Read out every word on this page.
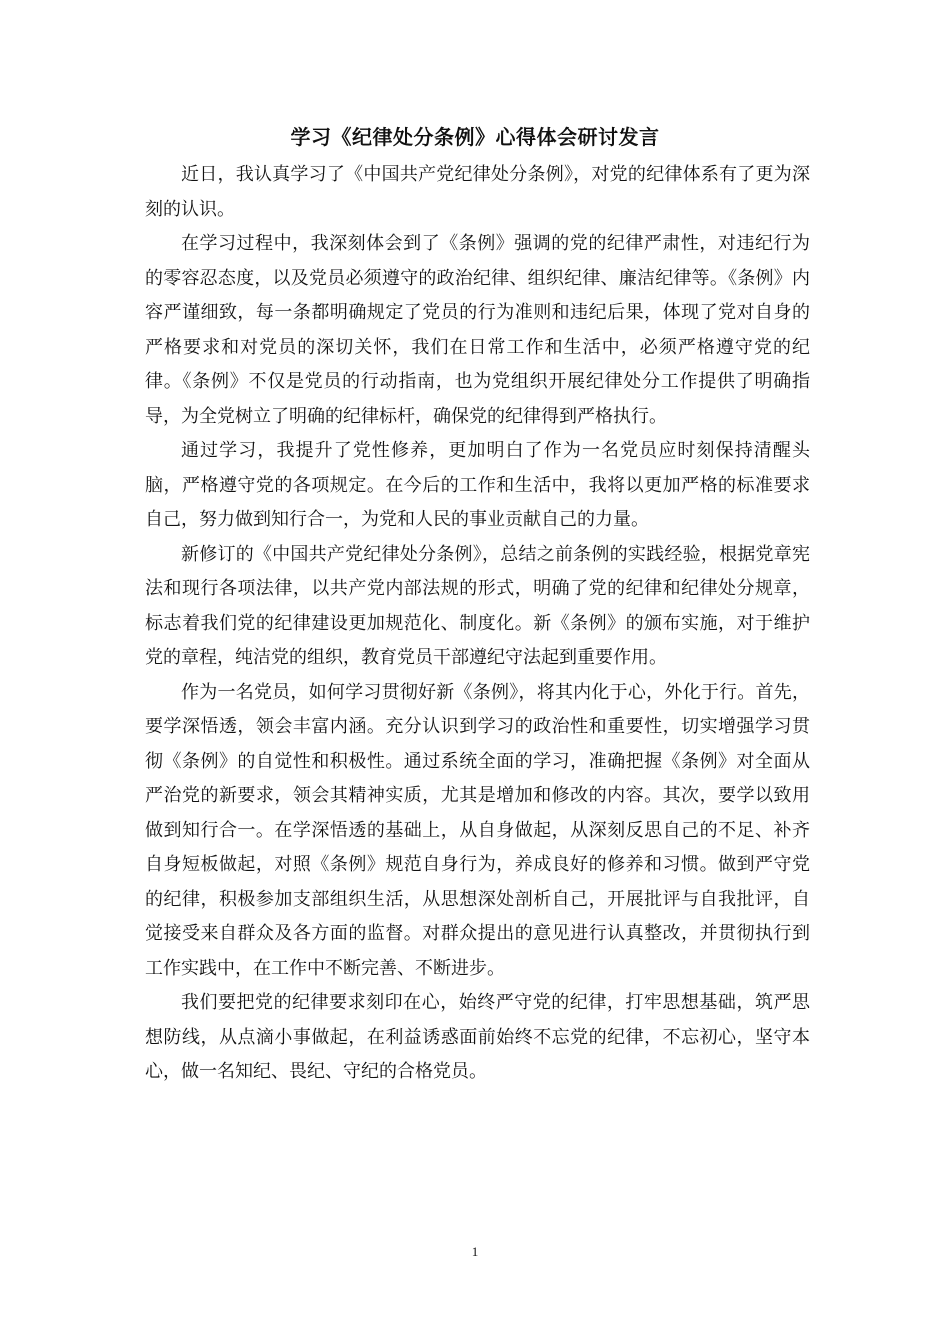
学习《纪律处分条例》心得体会研讨发言

近日，我认真学习了《中国共产党纪律处分条例》，对党的纪律体系有了更为深刻的认识。

在学习过程中，我深刻体会到了《条例》强调的党的纪律严肃性，对违纪行为的零容忍态度，以及党员必须遵守的政治纪律、组织纪律、廉洁纪律等。《条例》内容严谨细致，每一条都明确规定了党员的行为准则和违纪后果，体现了党对自身的严格要求和对党员的深切关怀，我们在日常工作和生活中，必须严格遵守党的纪律。《条例》不仅是党员的行动指南，也为党组织开展纪律处分工作提供了明确指导，为全党树立了明确的纪律标杆，确保党的纪律得到严格执行。

通过学习，我提升了党性修养，更加明白了作为一名党员应时刻保持清醒头脑，严格遵守党的各项规定。在今后的工作和生活中，我将以更加严格的标准要求自己，努力做到知行合一，为党和人民的事业贡献自己的力量。

新修订的《中国共产党纪律处分条例》，总结之前条例的实践经验，根据党章宪法和现行各项法律，以共产党内部法规的形式，明确了党的纪律和纪律处分规章，标志着我们党的纪律建设更加规范化、制度化。新《条例》的颁布实施，对于维护党的章程，纯洁党的组织，教育党员干部遵纪守法起到重要作用。

作为一名党员，如何学习贯彻好新《条例》，将其内化于心，外化于行。首先，要学深悟透，领会丰富内涵。充分认识到学习的政治性和重要性，切实增强学习贯彻《条例》的自觉性和积极性。通过系统全面的学习，准确把握《条例》对全面从严治党的新要求，领会其精神实质，尤其是增加和修改的内容。其次，要学以致用做到知行合一。在学深悟透的基础上，从自身做起，从深刻反思自己的不足、补齐自身短板做起，对照《条例》规范自身行为，养成良好的修养和习惯。做到严守党的纪律，积极参加支部组织生活，从思想深处剖析自己，开展批评与自我批评，自觉接受来自群众及各方面的监督。对群众提出的意见进行认真整改，并贯彻执行到工作实践中，在工作中不断完善、不断进步。

我们要把党的纪律要求刻印在心，始终严守党的纪律，打牢思想基础，筑严思想防线，从点滴小事做起，在利益诱惑面前始终不忘党的纪律，不忘初心，坚守本心，做一名知纪、畏纪、守纪的合格党员。

1
